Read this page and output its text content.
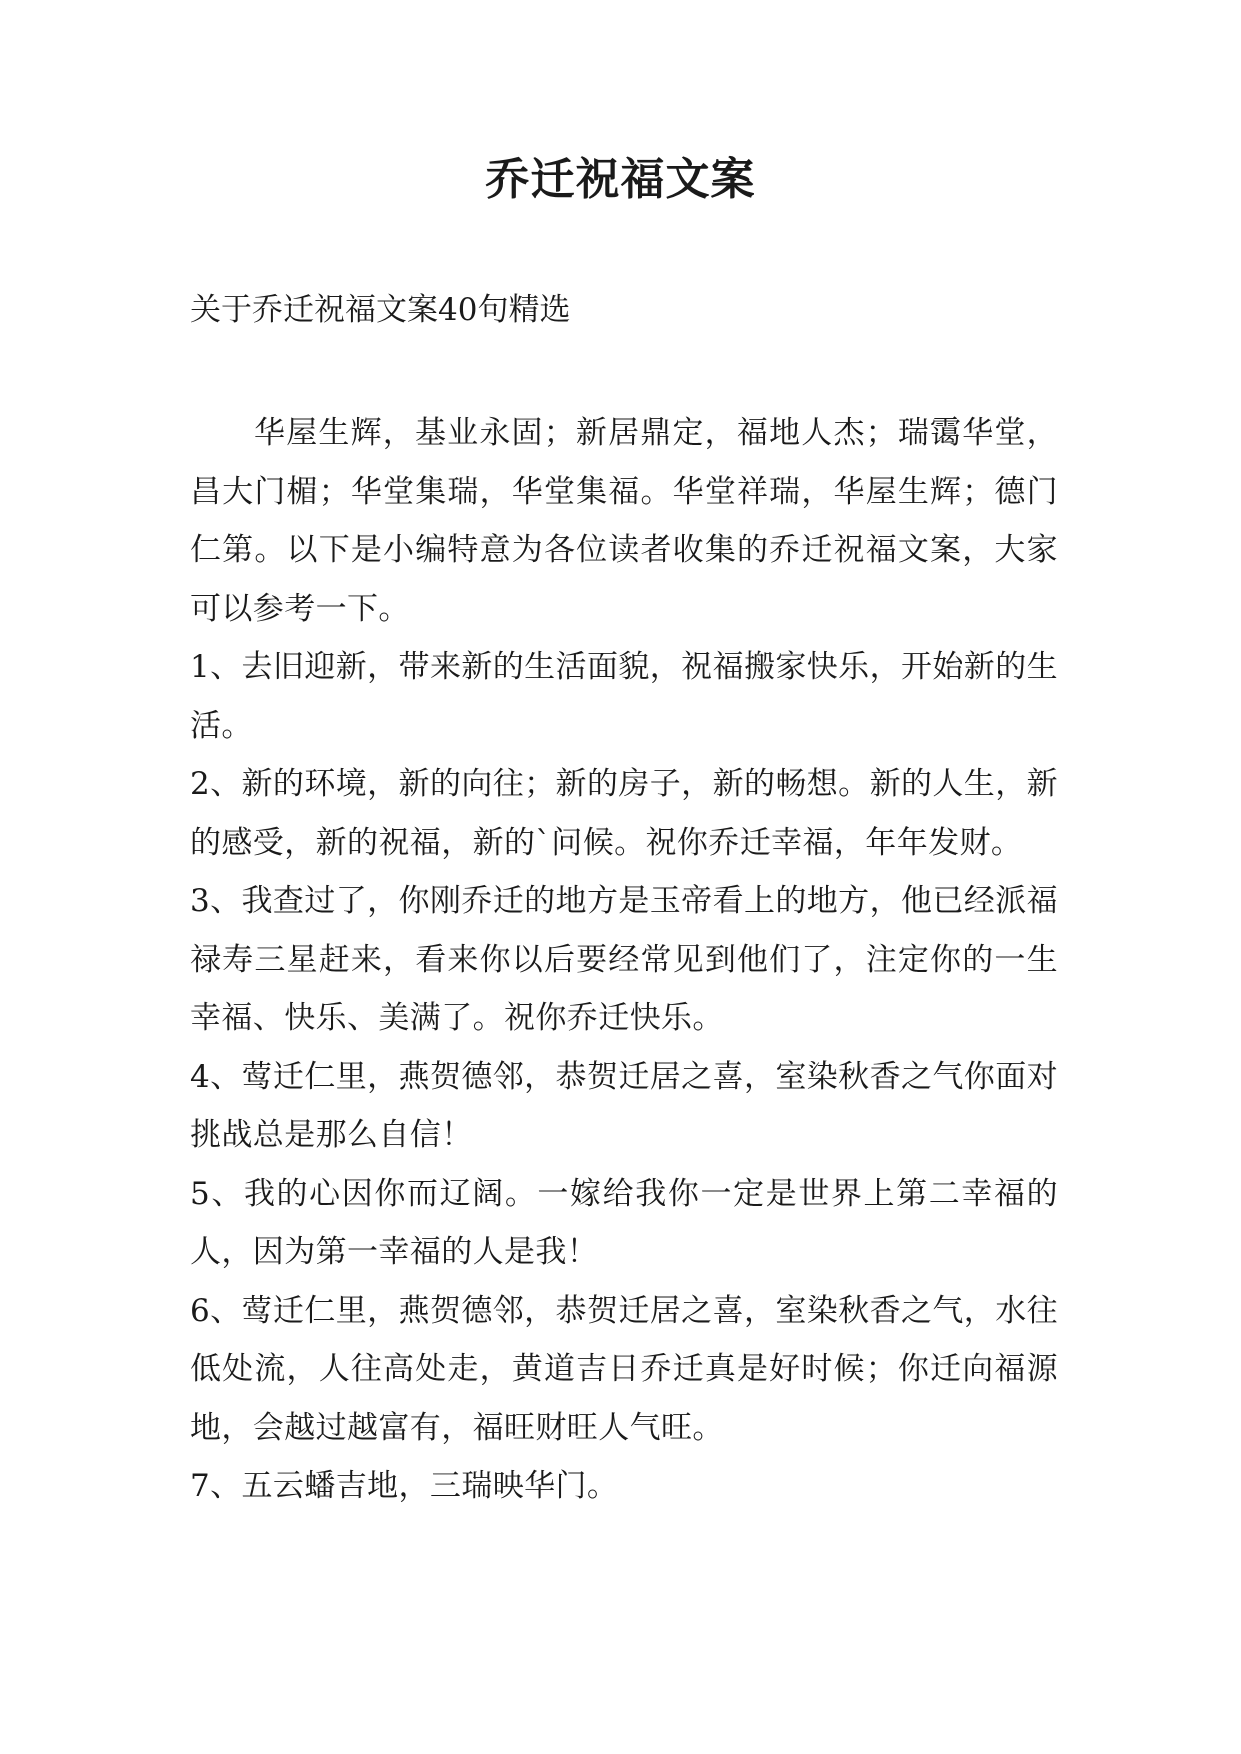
乔迁祝福文案

关于乔迁祝福文案40句精选

华屋生辉，基业永固；新居鼎定，福地人杰；瑞霭华堂，昌大门楣；华堂集瑞，华堂集福。华堂祥瑞，华屋生辉；德门仁第。以下是小编特意为各位读者收集的乔迁祝福文案，大家可以参考一下。

1、去旧迎新，带来新的生活面貌，祝福搬家快乐，开始新的生活。

2、新的环境，新的向往；新的房子，新的畅想。新的人生，新的感受，新的祝福，新的`问候。祝你乔迁幸福，年年发财。

3、我查过了，你刚乔迁的地方是玉帝看上的地方，他已经派福禄寿三星赶来，看来你以后要经常见到他们了，注定你的一生幸福、快乐、美满了。祝你乔迁快乐。

4、莺迁仁里，燕贺德邻，恭贺迁居之喜，室染秋香之气你面对挑战总是那么自信！

5、我的心因你而辽阔。一嫁给我你一定是世界上第二幸福的人，因为第一幸福的人是我！

6、莺迁仁里，燕贺德邻，恭贺迁居之喜，室染秋香之气，水往低处流，人往高处走，黄道吉日乔迁真是好时候；你迁向福源地，会越过越富有，福旺财旺人气旺。

7、五云蟠吉地，三瑞映华门。
